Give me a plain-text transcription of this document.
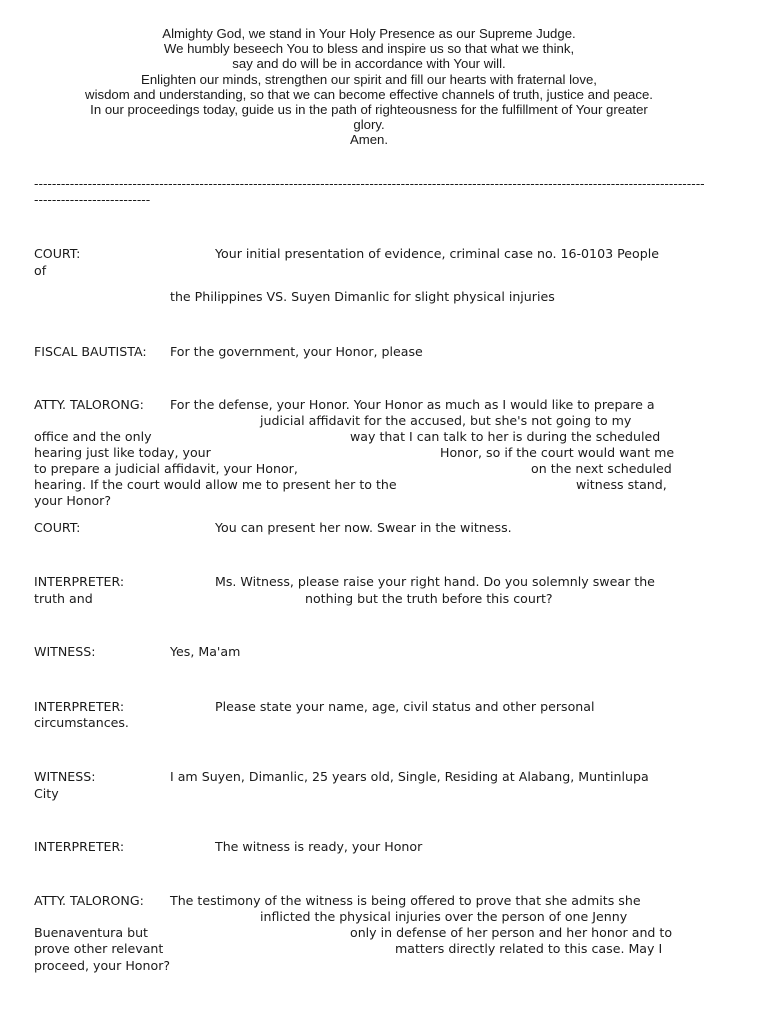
Almighty God, we stand in Your Holy Presence as our Supreme Judge.
We humbly beseech You to bless and inspire us so that what we think,
say and do will be in accordance with Your will.
Enlighten our minds, strengthen our spirit and fill our hearts with fraternal love,
wisdom and understanding, so that we can become effective channels of truth, justice and peace.
In our proceedings today, guide us in the path of righteousness for the fulfillment of Your greater
glory.
Amen.
--------------------------------------------------------------------------------------------------------------------------------------------------------------------------------
COURT:	Your initial presentation of evidence, criminal case no. 16-0103 People
of
the Philippines VS. Suyen Dimanlic for slight physical injuries
FISCAL BAUTISTA: For the government, your Honor, please
ATTY. TALORONG: For the defense, your Honor. Your Honor as much as I would like to prepare a
judicial affidavit for the accused, but she's not going to my
office and the only	way that I can talk to her is during the scheduled
hearing just like today, your	Honor, so if the court would want me
to prepare a judicial affidavit, your Honor,	on the next scheduled
hearing. If the court would allow me to present her to the	witness stand,
your Honor?
COURT:	You can present her now. Swear in the witness.
INTERPRETER:	Ms. Witness, please raise your right hand. Do you solemnly swear the
truth and	nothing but the truth before this court?
WITNESS:	Yes, Ma'am
INTERPRETER:	Please state your name, age, civil status and other personal
circumstances.
WITNESS:	I am Suyen, Dimanlic, 25 years old, Single, Residing at Alabang, Muntinlupa
City
INTERPRETER:	The witness is ready, your Honor
ATTY. TALORONG: The testimony of the witness is being offered to prove that she admits she
inflicted the physical injuries over the person of one Jenny
Buenaventura but	only in defense of her person and her honor and to
prove other relevant	matters directly related to this case. May I
proceed, your Honor?
